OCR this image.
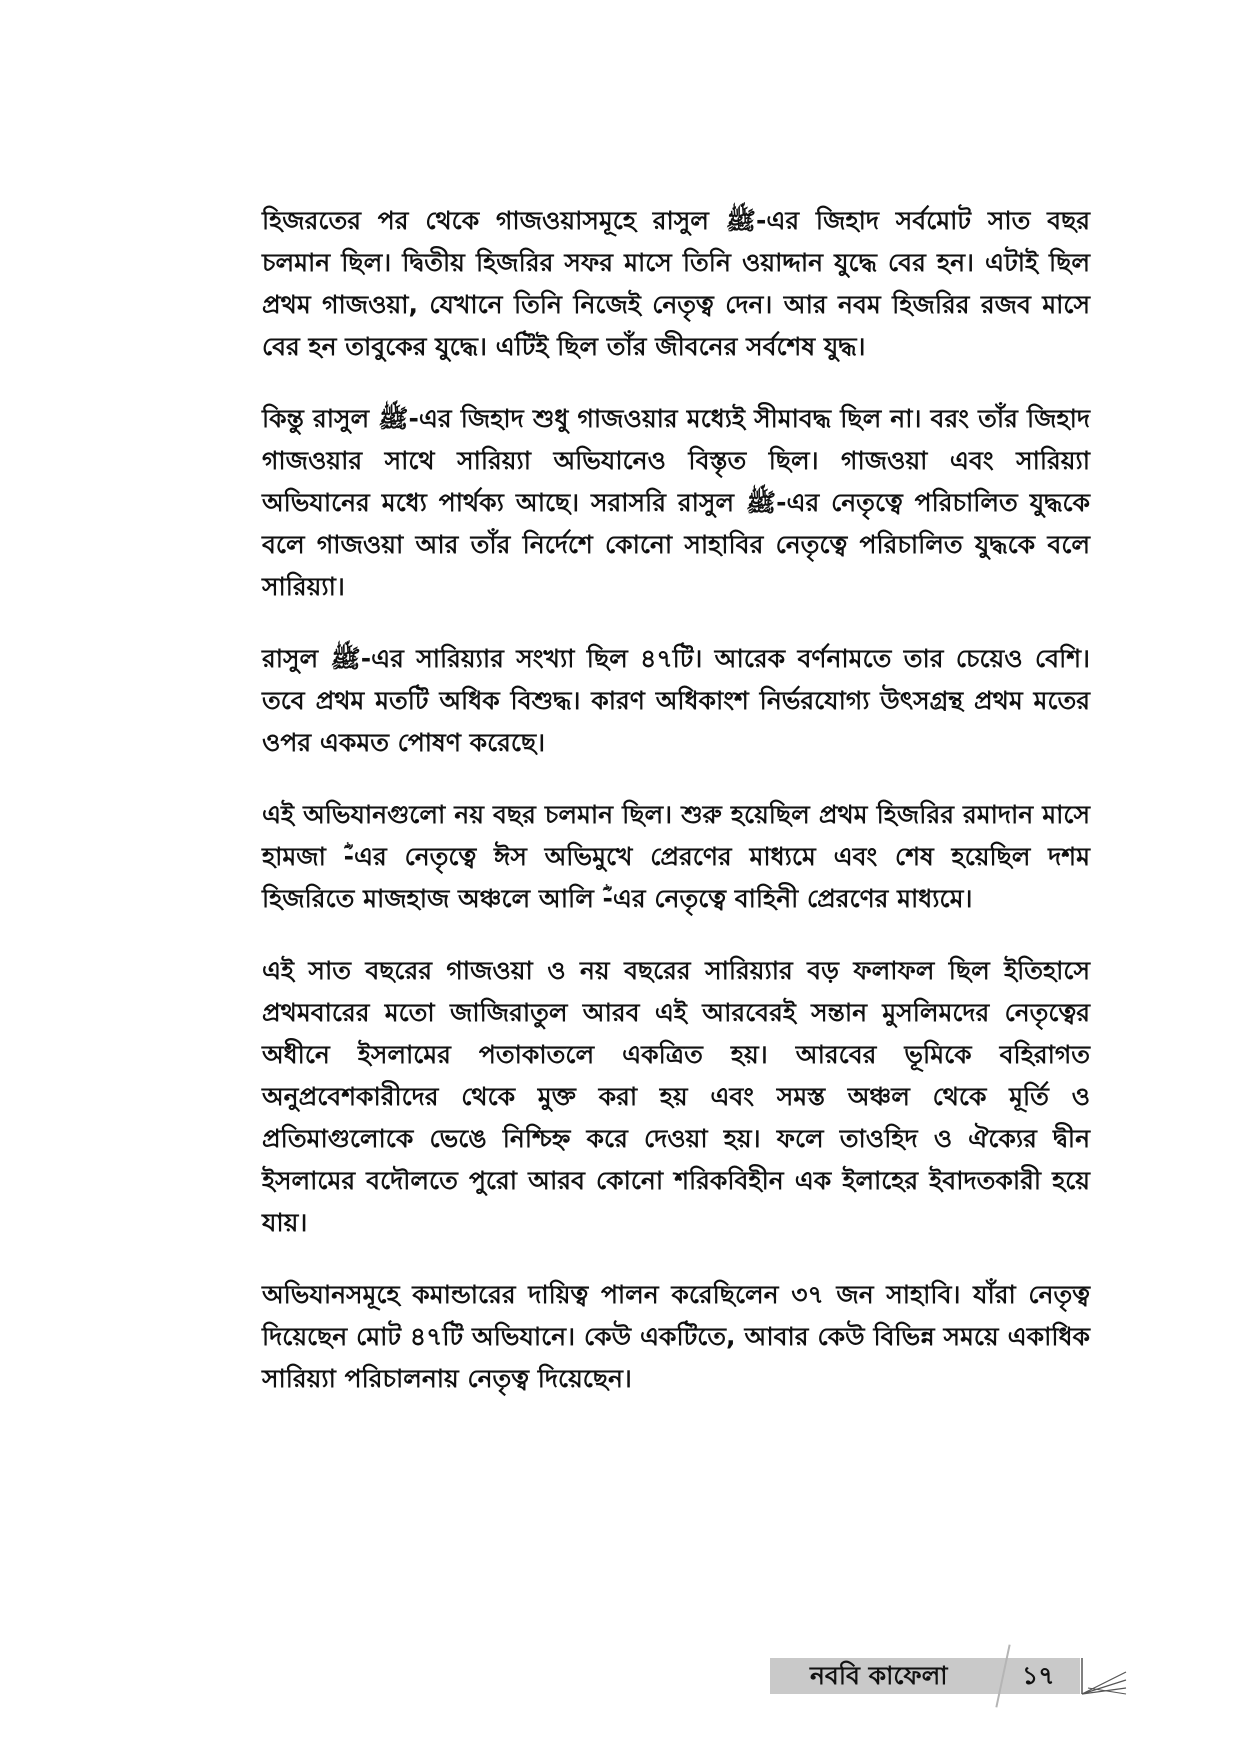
হিজরতের পর থেকে গাজওয়াসমূহে রাসুল ﷺ-এর জিহাদ সর্বমোট সাত বছর চলমান ছিল। দ্বিতীয় হিজরির সফর মাসে তিনি ওয়াদ্দান যুদ্ধে বের হন। এটাই ছিল প্রথম গাজওয়া, যেখানে তিনি নিজেই নেতৃত্ব দেন। আর নবম হিজরির রজব মাসে বের হন তাবুকের যুদ্ধে। এটিই ছিল তাঁর জীবনের সর্বশেষ যুদ্ধ।

কিন্তু রাসুল ﷺ-এর জিহাদ শুধু গাজওয়ার মধ্যেই সীমাবদ্ধ ছিল না। বরং তাঁর জিহাদ গাজওয়ার সাথে সারিয়্যা অভিযানেও বিস্তৃত ছিল। গাজওয়া এবং সারিয়্যা অভিযানের মধ্যে পার্থক্য আছে। সরাসরি রাসুল ﷺ-এর নেতৃত্বে পরিচালিত যুদ্ধকে বলে গাজওয়া আর তাঁর নির্দেশে কোনো সাহাবির নেতৃত্বে পরিচালিত যুদ্ধকে বলে সারিয়্যা।

রাসুল ﷺ-এর সারিয়্যার সংখ্যা ছিল ৪৭টি। আরেক বর্ণনামতে তার চেয়েও বেশি। তবে প্রথম মতটি অধিক বিশুদ্ধ। কারণ অধিকাংশ নির্ভরযোগ্য উৎসগ্রন্থ প্রথম মতের ওপর একমত পোষণ করেছে।

এই অভিযানগুলো নয় বছর চলমান ছিল। শুরু হয়েছিল প্রথম হিজরির রমাদান মাসে হামজা ؓ-এর নেতৃত্বে ঈস অভিমুখে প্রেরণের মাধ্যমে এবং শেষ হয়েছিল দশম হিজরিতে মাজহাজ অঞ্চলে আলি ؓ-এর নেতৃত্বে বাহিনী প্রেরণের মাধ্যমে।

এই সাত বছরের গাজওয়া ও নয় বছরের সারিয়্যার বড় ফলাফল ছিল ইতিহাসে প্রথমবারের মতো জাজিরাতুল আরব এই আরবেরই সন্তান মুসলিমদের নেতৃত্বের অধীনে ইসলামের পতাকাতলে একত্রিত হয়। আরবের ভূমিকে বহিরাগত অনুপ্রবেশকারীদের থেকে মুক্ত করা হয় এবং সমস্ত অঞ্চল থেকে মূর্তি ও প্রতিমাগুলোকে ভেঙে নিশ্চিহ্ন করে দেওয়া হয়। ফলে তাওহিদ ও ঐক্যের দ্বীন ইসলামের বদৌলতে পুরো আরব কোনো শরিকবিহীন এক ইলাহের ইবাদতকারী হয়ে যায়।

অভিযানসমূহে কমান্ডারের দায়িত্ব পালন করেছিলেন ৩৭ জন সাহাবি। যাঁরা নেতৃত্ব দিয়েছেন মোট ৪৭টি অভিযানে। কেউ একটিতে, আবার কেউ বিভিন্ন সময়ে একাধিক সারিয়্যা পরিচালনায় নেতৃত্ব দিয়েছেন।

নববি কাফেলা	১৭
